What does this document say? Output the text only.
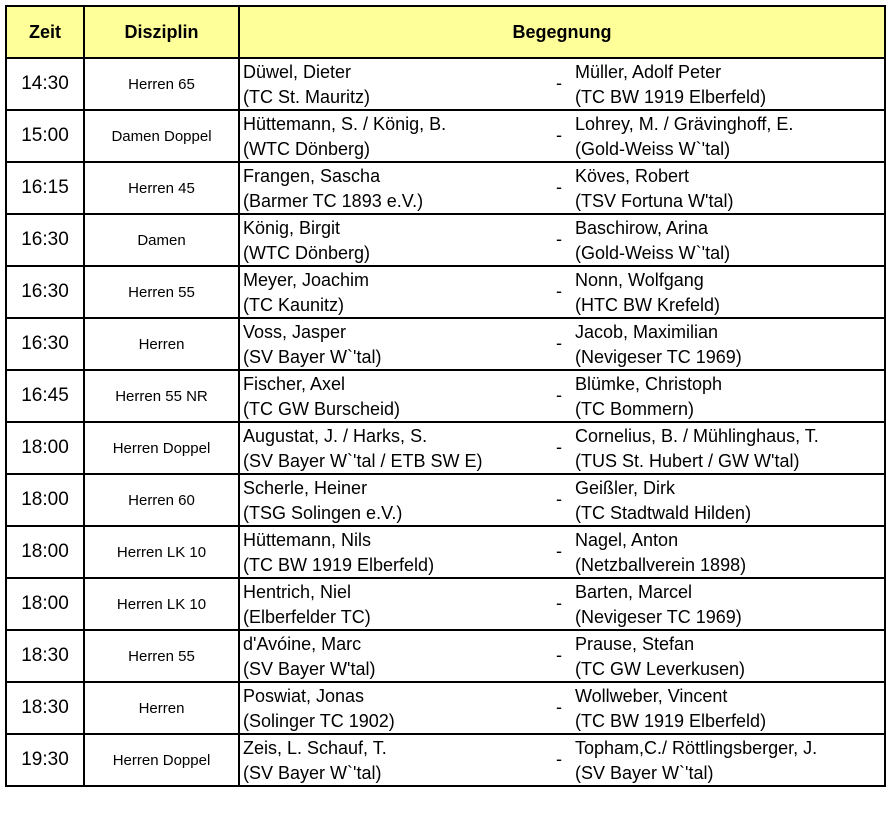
Zeit	Disziplin	Begegnung
14:30	Herren 65	Düwel, Dieter
(TC St. Mauritz)
-
Müller, Adolf Peter
(TC BW 1919 Elberfeld)

15:00	Damen Doppel	Hüttemann, S. / König, B.
(WTC Dönberg)
-
Lohrey, M. / Grävinghoff, E.
(Gold-Weiss W`'tal)

16:15	Herren 45	Frangen, Sascha
(Barmer TC 1893 e.V.)
-
Köves, Robert
(TSV Fortuna W'tal)

16:30	Damen	König, Birgit
(WTC Dönberg)
-
Baschirow, Arina
(Gold-Weiss W`'tal)

16:30	Herren 55	Meyer, Joachim
(TC Kaunitz)
-
Nonn, Wolfgang
(HTC BW Krefeld)

16:30	Herren	Voss, Jasper
(SV Bayer W`'tal)
-
Jacob, Maximilian
(Nevigeser TC 1969)

16:45	Herren 55 NR	Fischer, Axel
(TC GW Burscheid)
-
Blümke, Christoph
(TC Bommern)

18:00	Herren Doppel	Augustat, J. / Harks, S.
(SV Bayer W`'tal / ETB SW E)
-
Cornelius, B. / Mühlinghaus, T.
(TUS St. Hubert / GW W'tal)

18:00	Herren 60	Scherle, Heiner
(TSG Solingen e.V.)
-
Geißler, Dirk
(TC Stadtwald Hilden)

18:00	Herren LK 10	Hüttemann, Nils
(TC BW 1919 Elberfeld)
-
Nagel, Anton
(Netzballverein 1898)

18:00	Herren LK 10	Hentrich, Niel
(Elberfelder TC)
-
Barten, Marcel
(Nevigeser TC 1969)

18:30	Herren 55	d'Avóine, Marc
(SV Bayer W'tal)
-
Prause, Stefan
(TC GW Leverkusen)

18:30	Herren	Poswiat, Jonas
(Solinger TC 1902)
-
Wollweber, Vincent
(TC BW 1919 Elberfeld)

19:30	Herren Doppel	Zeis, L. Schauf, T.
(SV Bayer W`'tal)
-
Topham,C./ Röttlingsberger, J.
(SV Bayer W`'tal)
